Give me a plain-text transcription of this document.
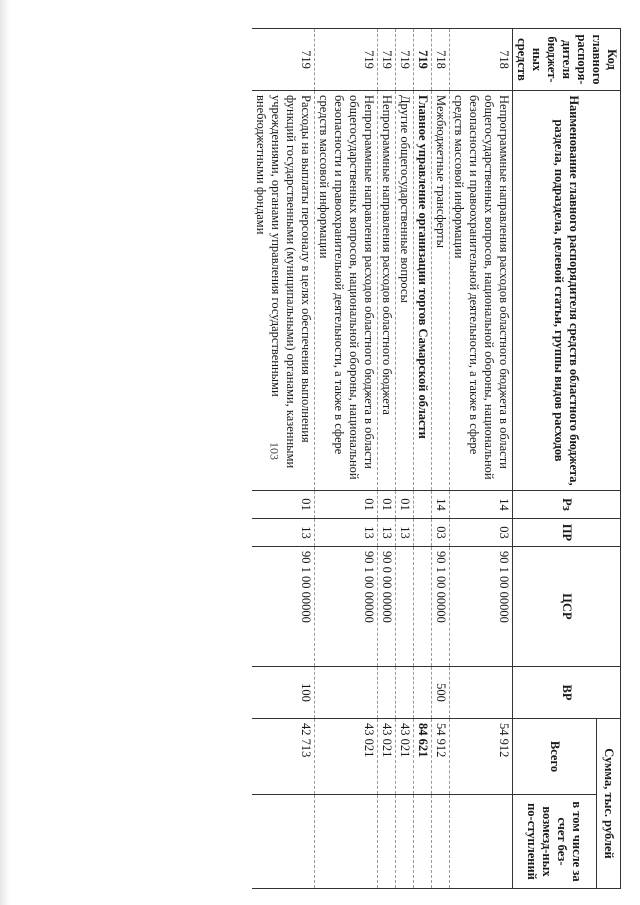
103
Код главного распоря-дителя бюджет-ных средств	Наименование главного распорядителя средств областного бюджета, раздела, подраздела, целевой статьи, группы видов расходов	Рз	ПР	ЦСР	ВР	Сумма, тыс. рублей	
						Всего	в том числе за счет без-возмезд-ных по-ступлений
718	Непрограммные направления расходов областного бюджета в области общегосударственных вопросов, национальной обороны, национальной безопасности и правоохранительной деятельности, а также в сфере средств массовой информации	14	03	90 1 00 00000		54 912	
718	Межбюджетные трансферты	14	03	90 1 00 00000	500	54 912	
719	Главное управление организации торгов Самарской области					84 621	
719	Другие общегосударственные вопросы	01	13			43 021	
719	Непрограммные направления расходов областного бюджета	01	13	90 0 00 00000		43 021	
719	Непрограммные направления расходов областного бюджета в области общегосударственных вопросов, национальной обороны, национальной безопасности и правоохранительной деятельности, а также в сфере средств массовой информации	01	13	90 1 00 00000		43 021	
719	Расходы на выплаты персоналу в целях обеспечения выполнения функций государственными (муниципальными) органами, казенными учреждениями, органами управления государственными внебюджетными фондами	01	13	90 1 00 00000	100	42 713	
